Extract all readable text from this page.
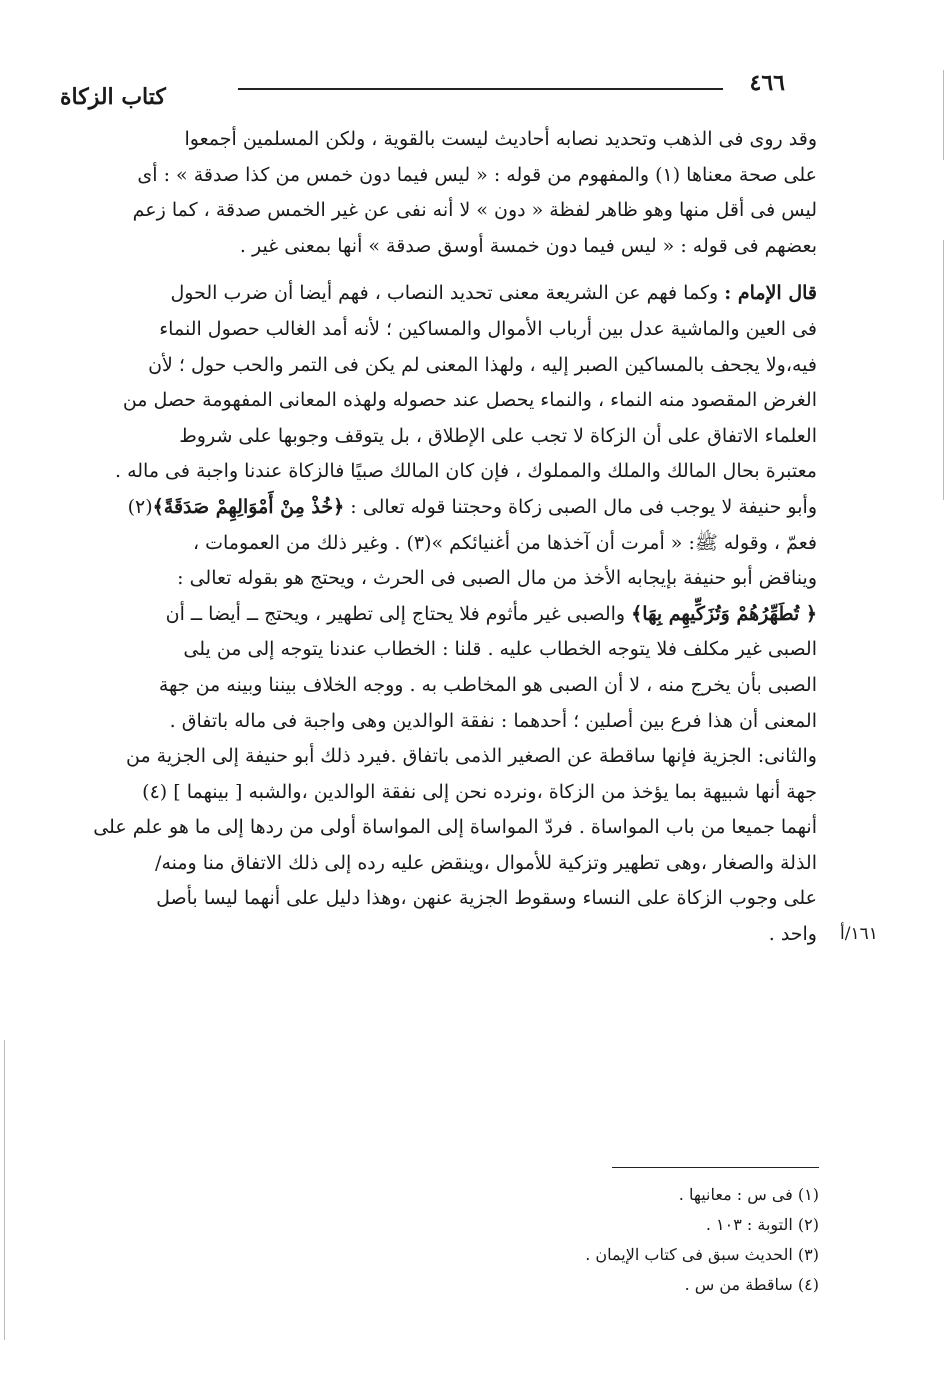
٤٦٦
كتاب الزكاة
وقد روى فى الذهب وتحديد نصابه أحاديث ليست بالقوية ، ولكن المسلمين أجمعوا
على صحة معناها (١) والمفهوم من قوله : « ليس فيما دون خمس من كذا صدقة » : أى
ليس فى أقل منها وهو ظاهر لفظة « دون » لا أنه نفى عن غير الخمس صدقة ، كما زعم
بعضهم فى قوله : « ليس فيما دون خمسة أوسق صدقة » أنها بمعنى غير .
قال الإمام : وكما فهم عن الشريعة معنى تحديد النصاب ، فهم أيضا أن ضرب الحول
فى العين والماشية عدل بين أرباب الأموال والمساكين ؛ لأنه أمد الغالب حصول النماء
فيه،ولا يجحف بالمساكين الصبر إليه ، ولهذا المعنى لم يكن فى التمر والحب حول ؛ لأن
الغرض المقصود منه النماء ، والنماء يحصل عند حصوله ولهذه المعانى المفهومة حصل من
العلماء الاتفاق على أن الزكاة لا تجب على الإطلاق ، بل يتوقف وجوبها على شروط
معتبرة بحال المالك والملك والمملوك ، فإن كان المالك صبيًا فالزكاة عندنا واجبة فى ماله .
وأبو حنيفة لا يوجب فى مال الصبى زكاة وحجتنا قوله تعالى : ﴿خُذْ مِنْ أَمْوَالِهِمْ صَدَقَةً﴾(٢)
فعمّ ، وقوله ﷺ: « أمرت أن آخذها من أغنيائكم »(٣) . وغير ذلك من العمومات ،
ويناقض أبو حنيفة بإيجابه الأخذ من مال الصبى فى الحرث ، ويحتج هو بقوله تعالى :
﴿ تُطَهِّرُهُمْ وَتُزَكِّيهِم بِهَا﴾ والصبى غير مأثوم فلا يحتاج إلى تطهير ، ويحتج ــ أيضا ــ أن
الصبى غير مكلف فلا يتوجه الخطاب عليه . قلنا : الخطاب عندنا يتوجه إلى من يلى
الصبى بأن يخرج منه ، لا أن الصبى هو المخاطب به . ووجه الخلاف بيننا وبينه من جهة
المعنى أن هذا فرع بين أصلين ؛ أحدهما : نفقة الوالدين وهى واجبة فى ماله باتفاق .
والثانى: الجزية فإنها ساقطة عن الصغير الذمى باتفاق .فيرد ذلك أبو حنيفة إلى الجزية من
جهة أنها شبيهة بما يؤخذ من الزكاة ،ونرده نحن إلى نفقة الوالدين ،والشبه [ بينهما ] (٤)
أنهما جميعا من باب المواساة . فردّ المواساة إلى المواساة أولى من ردها إلى ما هو علم على
الذلة والصغار ،وهى تطهير وتزكية للأموال ،وينقض عليه رده إلى ذلك الاتفاق منا ومنه/
على وجوب الزكاة على النساء وسقوط الجزية عنهن ،وهذا دليل على أنهما ليسا بأصل
واحد . ١٦١/أ
(١) فى س : معانيها .
(٢) التوبة : ١٠٣ .
(٣) الحديث سبق فى كتاب الإيمان .
(٤) ساقطة من س .
